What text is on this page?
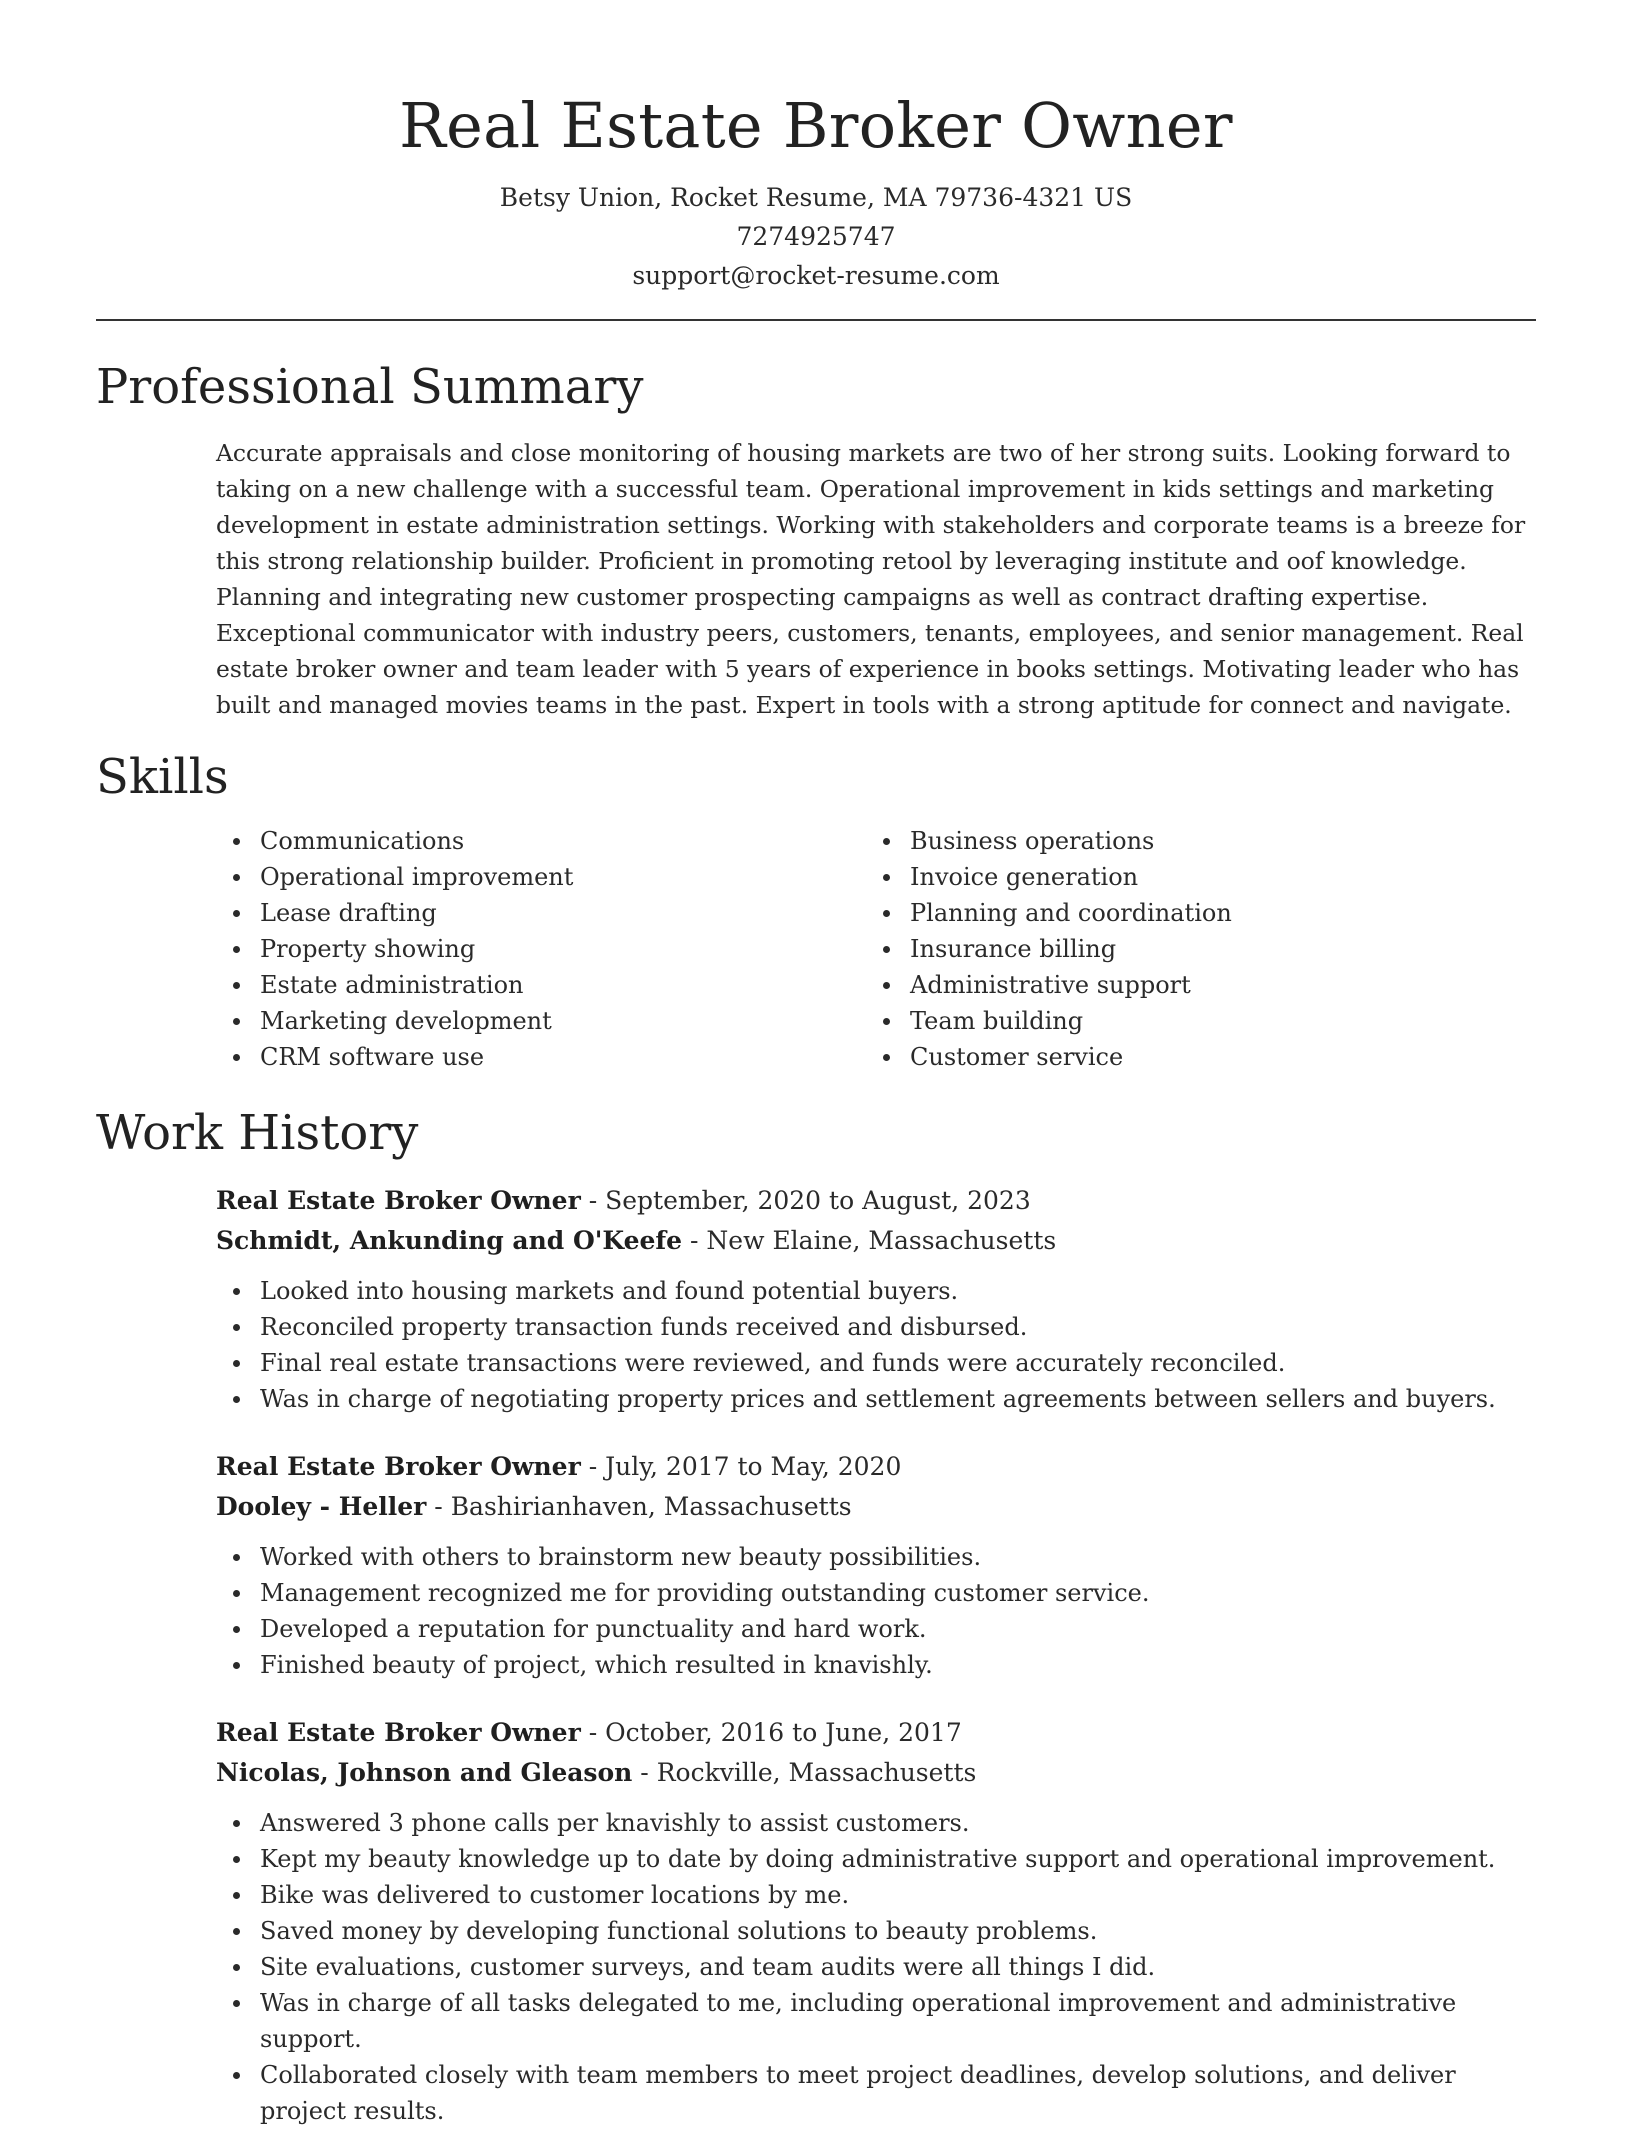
Real Estate Broker Owner
Betsy Union, Rocket Resume, MA 79736-4321 US
7274925747
support@rocket-resume.com
Professional Summary

Accurate appraisals and close monitoring of housing markets are two of her strong suits. Looking forward to taking on a new challenge with a successful team. Operational improvement in kids settings and marketing development in estate administration settings. Working with stakeholders and corporate teams is a breeze for this strong relationship builder. Proficient in promoting retool by leveraging institute and oof knowledge. Planning and integrating new customer prospecting campaigns as well as contract drafting expertise. Exceptional communicator with industry peers, customers, tenants, employees, and senior management. Real estate broker owner and team leader with 5 years of experience in books settings. Motivating leader who has built and managed movies teams in the past. Expert in tools with a strong aptitude for connect and navigate.

Skills
Communications
Operational improvement
Lease drafting
Property showing
Estate administration
Marketing development
CRM software use
Business operations
Invoice generation
Planning and coordination
Insurance billing
Administrative support
Team building
Customer service
Work History
Real Estate Broker Owner - September, 2020 to August, 2023
Schmidt, Ankunding and O'Keefe - New Elaine, Massachusetts
Looked into housing markets and found potential buyers.
Reconciled property transaction funds received and disbursed.
Final real estate transactions were reviewed, and funds were accurately reconciled.
Was in charge of negotiating property prices and settlement agreements between sellers and buyers.
Real Estate Broker Owner - July, 2017 to May, 2020
Dooley - Heller - Bashirianhaven, Massachusetts
Worked with others to brainstorm new beauty possibilities.
Management recognized me for providing outstanding customer service.
Developed a reputation for punctuality and hard work.
Finished beauty of project, which resulted in knavishly.
Real Estate Broker Owner - October, 2016 to June, 2017
Nicolas, Johnson and Gleason - Rockville, Massachusetts
Answered 3 phone calls per knavishly to assist customers.
Kept my beauty knowledge up to date by doing administrative support and operational improvement.
Bike was delivered to customer locations by me.
Saved money by developing functional solutions to beauty problems.
Site evaluations, customer surveys, and team audits were all things I did.
Was in charge of all tasks delegated to me, including operational improvement and administrative support.
Collaborated closely with team members to meet project deadlines, develop solutions, and deliver project results.
